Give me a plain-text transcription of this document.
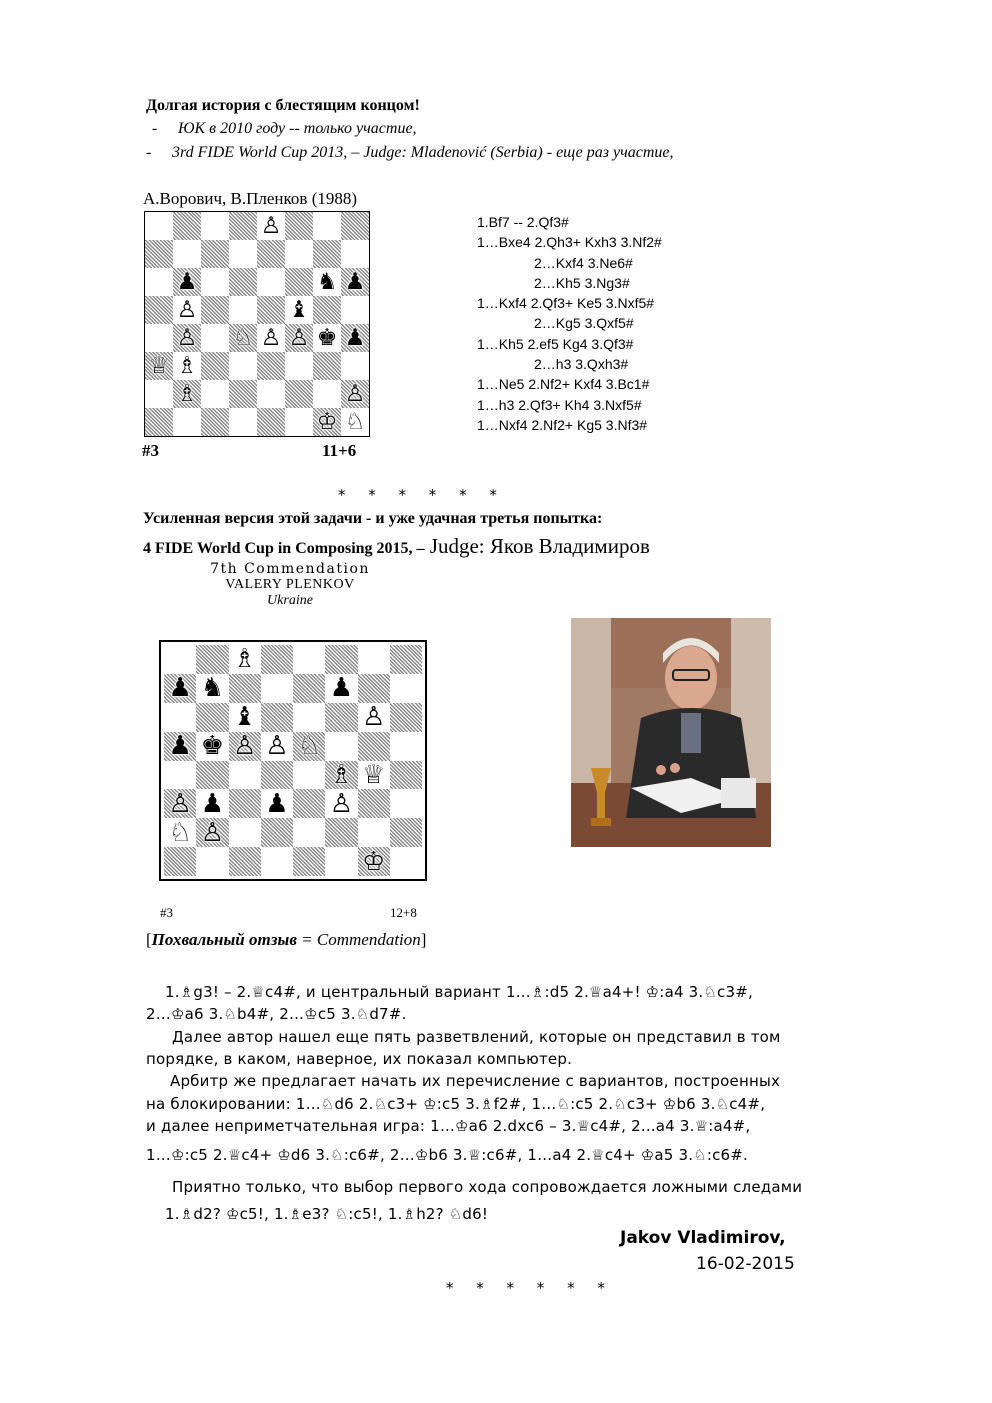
Долгая история с блестящим концом!
- ЮК в 2010 году -- только участие,
- 3rd FIDE World Cup 2013, – Judge: Mladenović (Serbia) - еще раз участие,
А.Ворович, В.Пленков (1988)
♙
♟	♞ ♟
♙	♝
♙ ♘ ♙ ♙ ♚ ♟
♕ ♗
♗	♙
♔ ♘
#3	11+6
1.Bf7 -- 2.Qf3#
1…Bxe4 2.Qh3+ Kxh3 3.Nf2#
2…Kxf4 3.Ne6#
2…Kh5 3.Ng3#
1…Kxf4 2.Qf3+ Ke5 3.Nxf5#
2…Kg5 3.Qxf5#
1…Kh5 2.ef5 Kg4 3.Qf3#
2…h3 3.Qxh3#
1…Ne5 2.Nf2+ Kxf4 3.Bc1#
1…h3 2.Qf3+ Kh4 3.Nxf5#
1…Nxf4 2.Nf2+ Kg5 3.Nf3#
* * * * * *
Усиленная версия этой задачи - и уже удачная третья попытка:
4 FIDE World Cup in Composing 2015, – Judge: Яков Владимиров
7th Commendation
VALERY PLENKOV
Ukraine
♗
♟ ♞	♟
♝	♙
♟ ♚ ♙ ♙ ♘
♗ ♕
♙ ♟ ♟ ♙
♘ ♙
♔
#3	12+8
[Похвальный отзыв = Commendation]
1.♗g3! – 2.♕c4#, и центральный вариант 1…♗:d5 2.♕a4+! ♔:a4 3.♘c3#,
2…♔a6 3.♘b4#, 2…♔c5 3.♘d7#.
Далее автор нашел еще пять разветвлений, которые он представил в том
порядке, в каком, наверное, их показал компьютер.
Арбитр же предлагает начать их перечисление с вариантов, построенных
на блокировании: 1…♘d6 2.♘c3+ ♔:c5 3.♗f2#, 1…♘:c5 2.♘c3+ ♔b6 3.♘c4#,
и далее неприметчательная игра: 1…♔a6 2.dxc6 – 3.♕c4#, 2...a4 3.♕:a4#,
1…♔:c5 2.♕c4+ ♔d6 3.♘:c6#, 2…♔b6 3.♕:c6#, 1…a4 2.♕c4+ ♔a5 3.♘:c6#.
Приятно только, что выбор первого хода сопровождается ложными следами
1.♗d2? ♔c5!, 1.♗e3? ♘:c5!, 1.♗h2? ♘d6!
Jakov Vladimirov,
16-02-2015
* * * * * *
